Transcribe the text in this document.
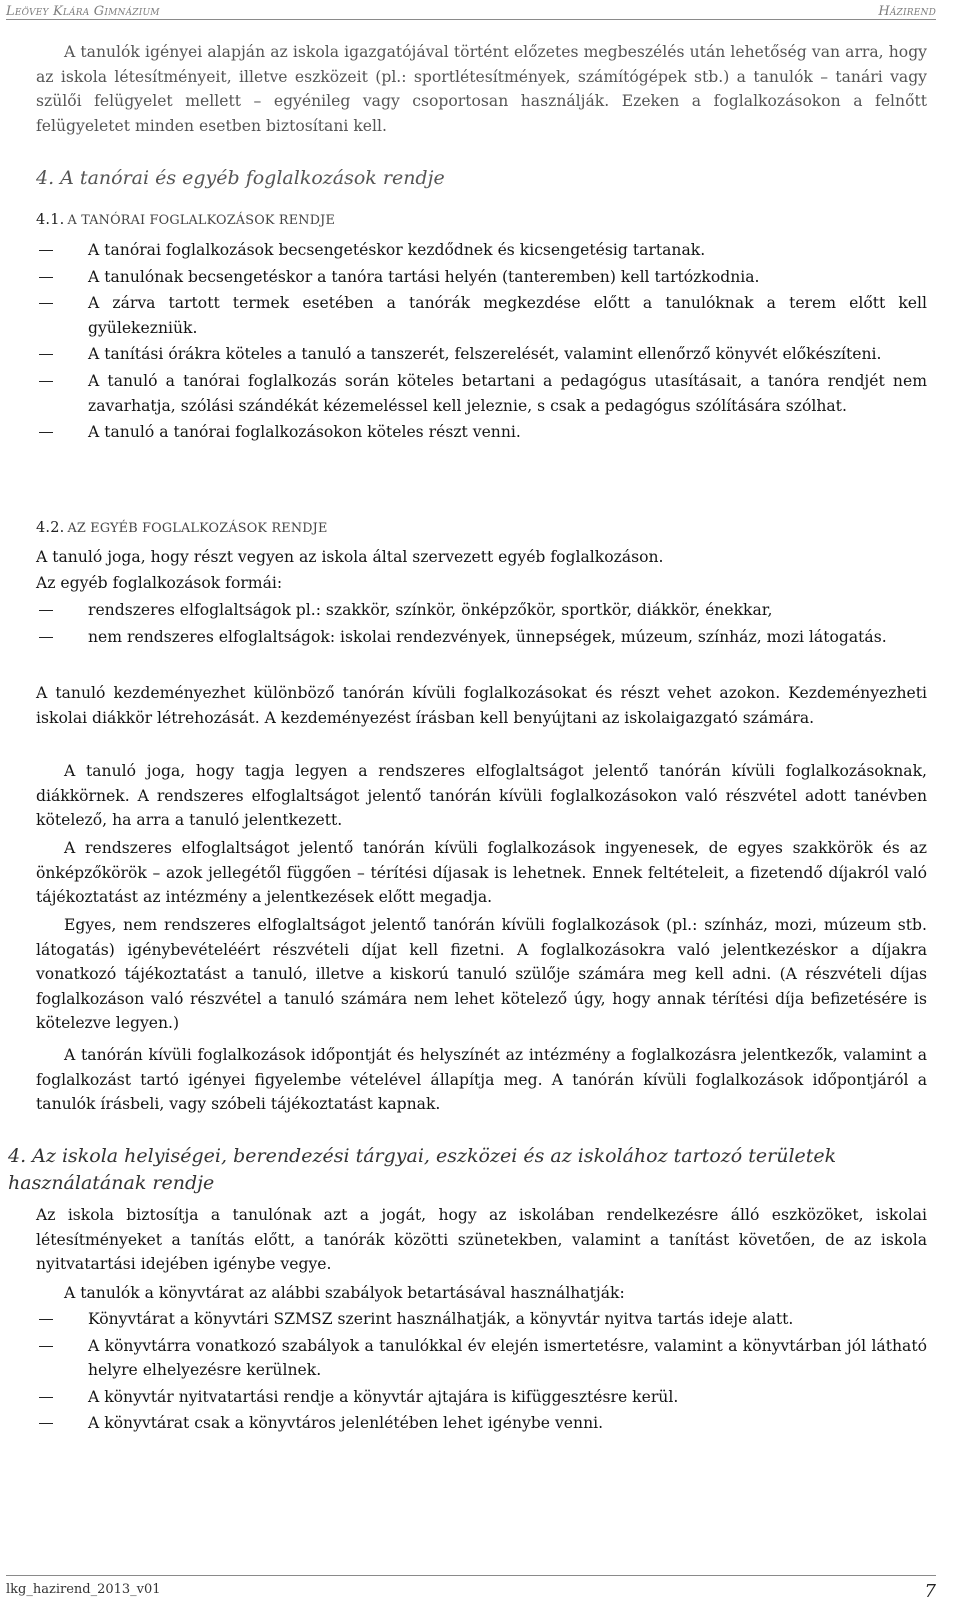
Leövey Klára Gimnázium	Házirend

A tanulók igényei alapján az iskola igazgatójával történt előzetes megbeszélés után lehetőség van arra, hogy az iskola létesítményeit, illetve eszközeit (pl.: sportlétesítmények, számítógépek stb.) a tanulók – tanári vagy szülői felügyelet mellett – egyénileg vagy csoportosan használják. Ezeken a foglalkozásokon a felnőtt felügyeletet minden esetben biztosítani kell.

4. A tanórai és egyéb foglalkozások rendje
4.1. A TANÓRAI FOGLALKOZÁSOK RENDJE
A tanórai foglalkozások becsengetéskor kezdődnek és kicsengetésig tartanak.
A tanulónak becsengetéskor a tanóra tartási helyén (tanteremben) kell tartózkodnia.
A zárva tartott termek esetében a tanórák megkezdése előtt a tanulóknak a terem előtt kell gyülekezniük.
A tanítási órákra köteles a tanuló a tanszerét, felszerelését, valamint ellenőrző könyvét előkészíteni.
A tanuló a tanórai foglalkozás során köteles betartani a pedagógus utasításait, a tanóra rendjét nem zavarhatja, szólási szándékát kézemeléssel kell jeleznie, s csak a pedagógus szólítására szólhat.
A tanuló a tanórai foglalkozásokon köteles részt venni.
4.2. AZ EGYÉB FOGLALKOZÁSOK RENDJE

A tanuló joga, hogy részt vegyen az iskola által szervezett egyéb foglalkozáson.

Az egyéb foglalkozások formái:

rendszeres elfoglaltságok pl.: szakkör, színkör, önképzőkör, sportkör, diákkör, énekkar,
nem rendszeres elfoglaltságok: iskolai rendezvények, ünnepségek, múzeum, színház, mozi látogatás.

A tanuló kezdeményezhet különböző tanórán kívüli foglalkozásokat és részt vehet azokon. Kezdeményezheti iskolai diákkör létrehozását. A kezdeményezést írásban kell benyújtani az iskolaigazgató számára.

A tanuló joga, hogy tagja legyen a rendszeres elfoglaltságot jelentő tanórán kívüli foglalkozásoknak, diákkörnek. A rendszeres elfoglaltságot jelentő tanórán kívüli foglalkozásokon való részvétel adott tanévben kötelező, ha arra a tanuló jelentkezett.

A rendszeres elfoglaltságot jelentő tanórán kívüli foglalkozások ingyenesek, de egyes szakkörök és az önképzőkörök – azok jellegétől függően – térítési díjasak is lehetnek. Ennek feltételeit, a fizetendő díjakról való tájékoztatást az intézmény a jelentkezések előtt megadja.

Egyes, nem rendszeres elfoglaltságot jelentő tanórán kívüli foglalkozások (pl.: színház, mozi, múzeum stb. látogatás) igénybevételéért részvételi díjat kell fizetni. A foglalkozásokra való jelentkezéskor a díjakra vonatkozó tájékoztatást a tanuló, illetve a kiskorú tanuló szülője számára meg kell adni. (A részvételi díjas foglalkozáson való részvétel a tanuló számára nem lehet kötelező úgy, hogy annak térítési díja befizetésére is kötelezve legyen.)

A tanórán kívüli foglalkozások időpontját és helyszínét az intézmény a foglalkozásra jelentkezők, valamint a foglalkozást tartó igényei figyelembe vételével állapítja meg. A tanórán kívüli foglalkozások időpontjáról a tanulók írásbeli, vagy szóbeli tájékoztatást kapnak.

4. Az iskola helyiségei, berendezési tárgyai, eszközei és az iskolához tartozó területek használatának rendje

Az iskola biztosítja a tanulónak azt a jogát, hogy az iskolában rendelkezésre álló eszközöket, iskolai létesítményeket a tanítás előtt, a tanórák közötti szünetekben, valamint a tanítást követően, de az iskola nyitvatartási idejében igénybe vegye.

A tanulók a könyvtárat az alábbi szabályok betartásával használhatják:

Könyvtárat a könyvtári SZMSZ szerint használhatják, a könyvtár nyitva tartás ideje alatt.
A könyvtárra vonatkozó szabályok a tanulókkal év elején ismertetésre, valamint a könyvtárban jól látható helyre elhelyezésre kerülnek.
A könyvtár nyitvatartási rendje a könyvtár ajtajára is kifüggesztésre kerül.
A könyvtárat csak a könyvtáros jelenlétében lehet igénybe venni.
lkg_hazirend_2013_v01	7
